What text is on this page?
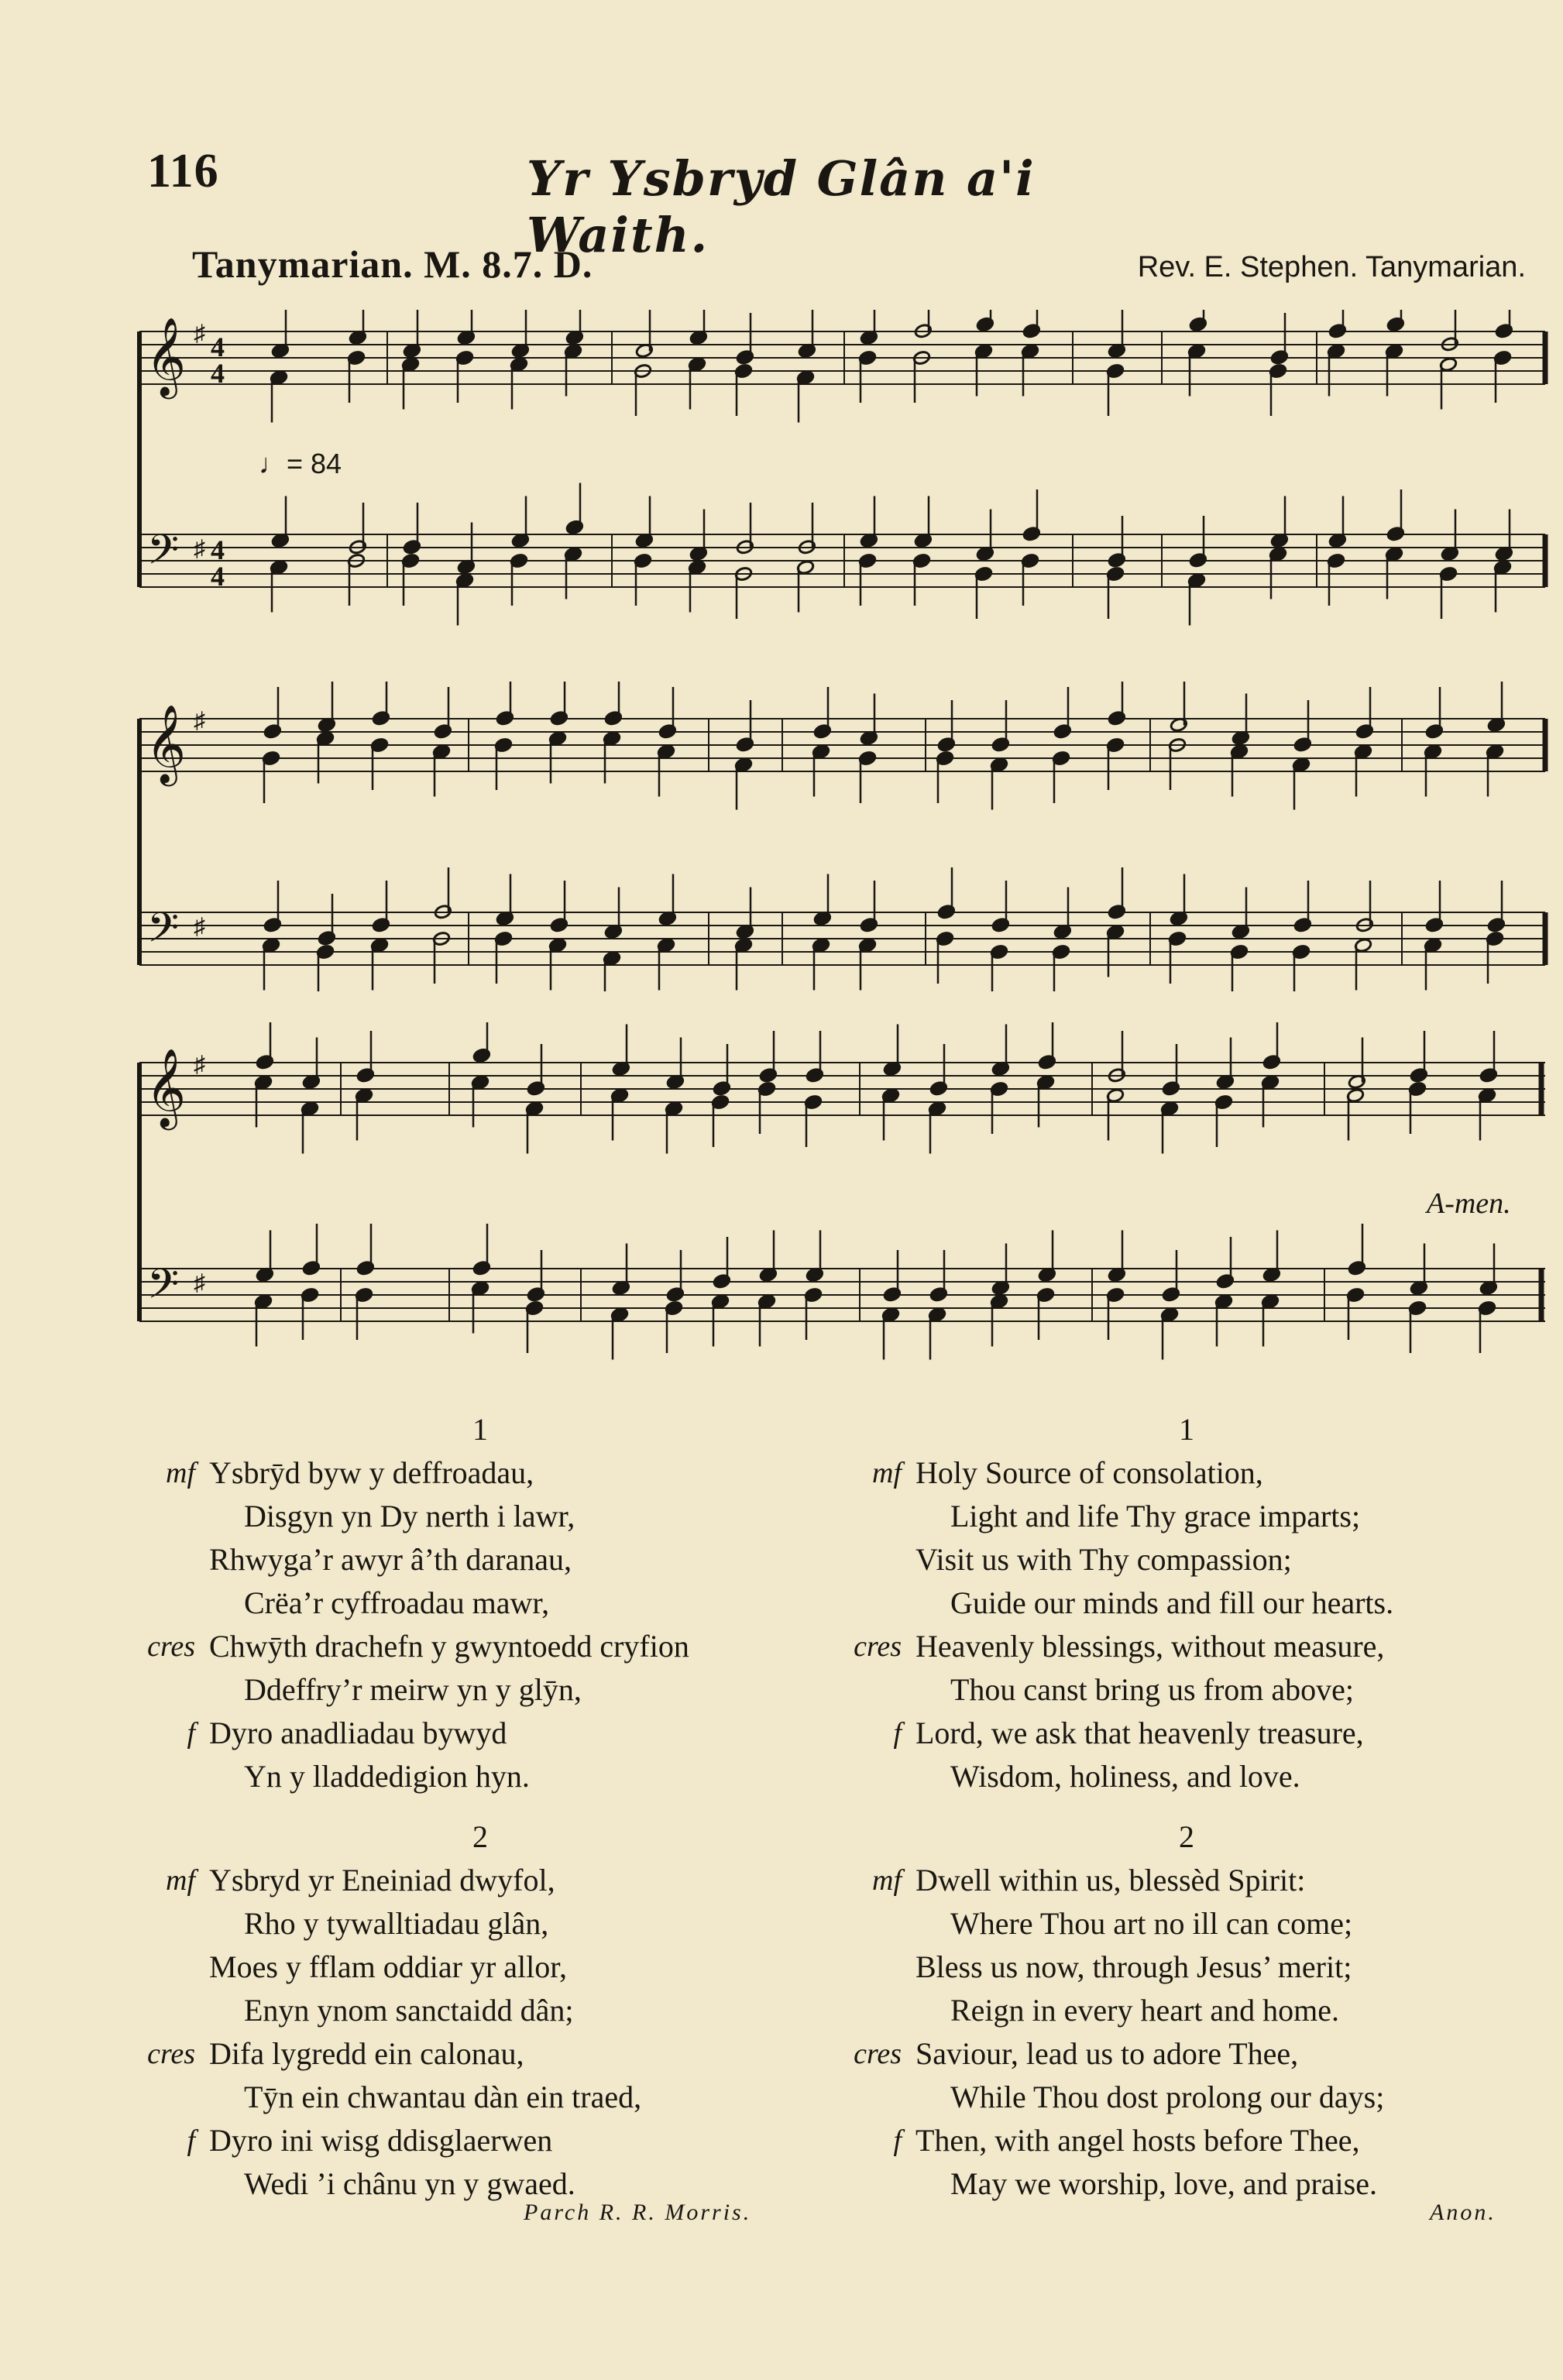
116	Yr Ysbryd Glân a'i Waith.
Tanymarian. M. 8.7. D.	Rev. E. Stephen. Tanymarian.
♩= 84
𝄞
𝄢
♯
♯
4
4
4
4
𝄞
𝄢
♯
♯
𝄞
𝄢
♯
♯
A-men.
1
mf Ysbrȳd byw y deffroadau,
Disgyn yn Dy nerth i lawr,
Rhwyga’r awyr â’th daranau,
Crëa’r cyffroadau mawr,
cres Chwȳth drachefn y gwyntoedd cryfion
Ddeffry’r meirw yn y glȳn,
f Dyro anadliadau bywyd
Yn y lladdedigion hyn.
2
mf Ysbryd yr Eneiniad dwyfol,
Rho y tywalltiadau glân,
Moes y fflam oddiar yr allor,
Enyn ynom sanctaidd dân;
cres Difa lygredd ein calonau,
Tȳn ein chwantau dàn ein traed,
f Dyro ini wisg ddisglaerwen
Wedi ’i chânu yn y gwaed.
1
mf Holy Source of consolation,
Light and life Thy grace imparts;
Visit us with Thy compassion;
Guide our minds and fill our hearts.
cres Heavenly blessings, without measure,
Thou canst bring us from above;
f Lord, we ask that heavenly treasure,
Wisdom, holiness, and love.
2
mf Dwell within us, blessèd Spirit:
Where Thou art no ill can come;
Bless us now, through Jesus’ merit;
Reign in every heart and home.
cres Saviour, lead us to adore Thee,
While Thou dost prolong our days;
f Then, with angel hosts before Thee,
May we worship, love, and praise.
Parch R. R. Morris.	Anon.
